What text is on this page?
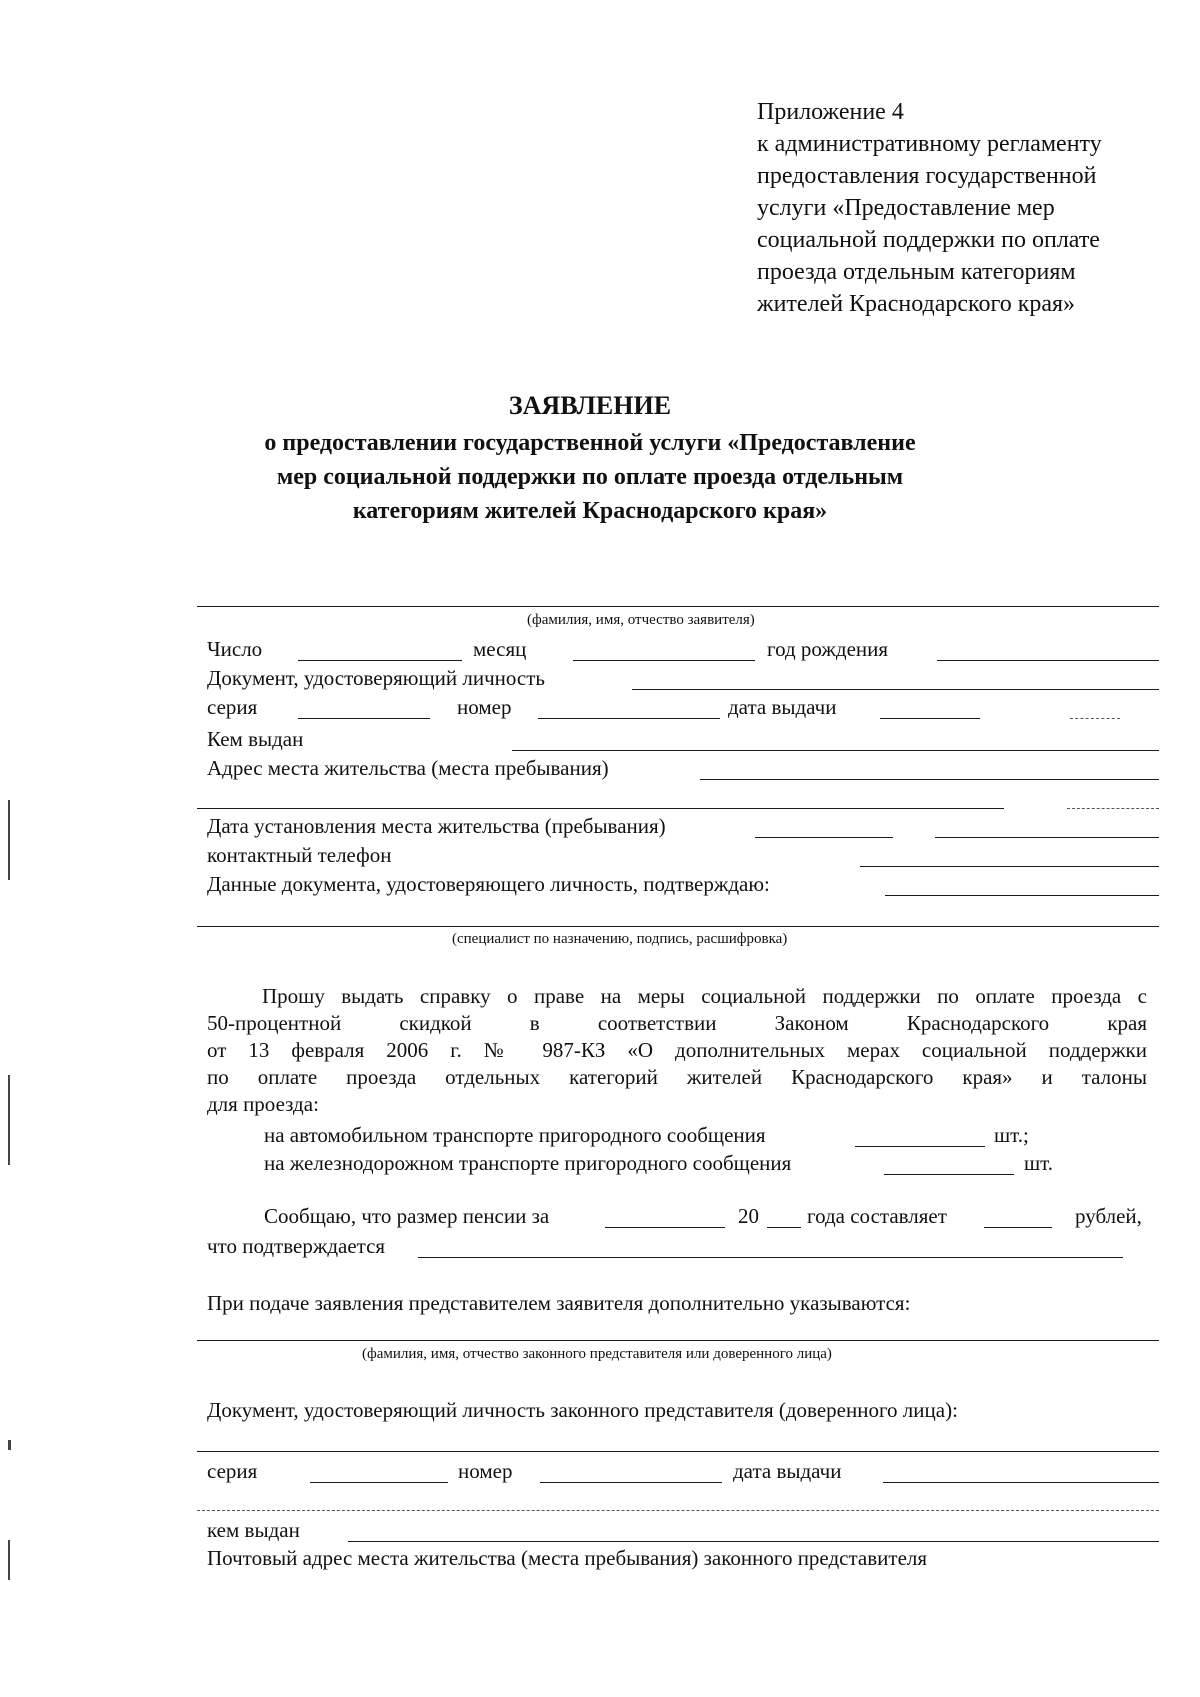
Приложение 4
к административному регламенту
предоставления государственной
услуги «Предоставление мер
социальной поддержки по оплате
проезда отдельным категориям
жителей Краснодарского края»
ЗАЯВЛЕНИЕ
о предоставлении государственной услуги «Предоставление
мер социальной поддержки по оплате проезда отдельным
категориям жителей Краснодарского края»
(фамилия, имя, отчество заявителя)
Число	месяц	год рождения
Документ, удостоверяющий личность
серия	номер	дата выдачи
Кем выдан
Адрес места жительства (места пребывания)
Дата установления места жительства (пребывания)
контактный телефон
Данные документа, удостоверяющего личность, подтверждаю:
(специалист по назначению, подпись, расшифровка)
Прошу выдать справку о праве на меры социальной поддержки по оплате проезда с
50-процентной скидкой в соответствии Законом Краснодарского края
от 13 февраля 2006 г. № 987-КЗ «О дополнительных мерах социальной поддержки
по оплате проезда отдельных категорий жителей Краснодарского края» и талоны
для проезда:
на автомобильном транспорте пригородного сообщения	шт.;
на железнодорожном транспорте пригородного сообщения	шт.
Сообщаю, что размер пенсии за	20 года составляет	рублей,
что подтверждается
При подаче заявления представителем заявителя дополнительно указываются:
(фамилия, имя, отчество законного представителя или доверенного лица)
Документ, удостоверяющий личность законного представителя (доверенного лица):
серия	номер	дата выдачи
кем выдан
Почтовый адрес места жительства (места пребывания) законного представителя
